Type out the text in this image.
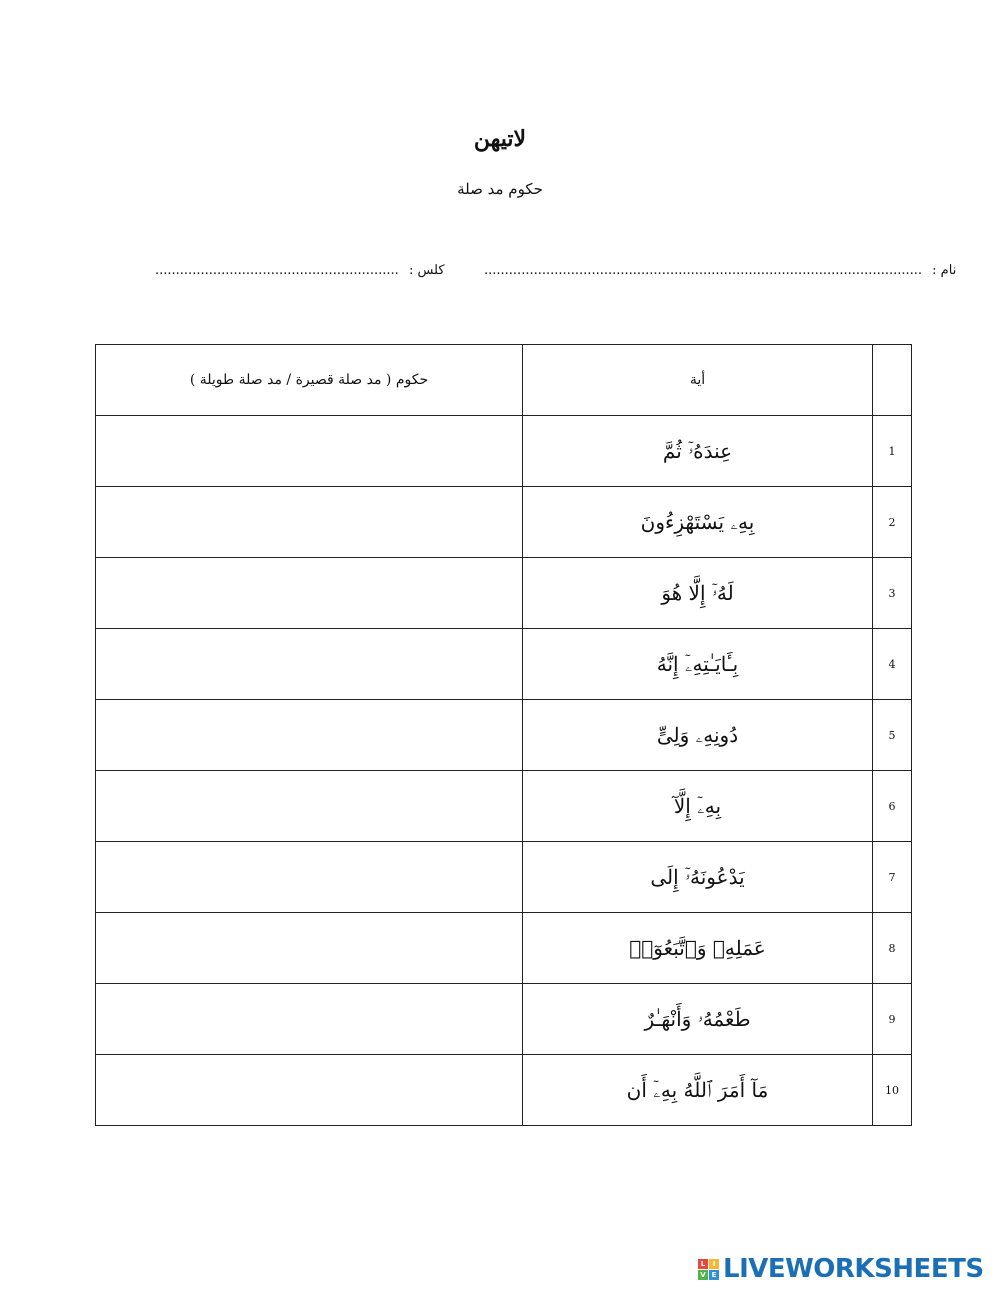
لاتيهن
حكوم مد صلة
.......................................................................................................... نام :
........................................................... كلس :
حكوم ( مد صلة قصيرة / مد صلة طويلة )	أية	
	عِندَهُۥٓ ثُمَّ	1
	بِهِۦ يَسْتَهْزِءُونَ	2
	لَهُۥٓ إِلَّا هُوَ	3
	بِـَٔايَـٰتِهِۦٓ إِنَّهُ	4
	دُونِهِۦ وَلِىٍّ	5
	بِهِۦٓ إِلَّآ	6
	يَدْعُونَهُۥٓ إِلَى	7
	عَمَلِهِۦ وَٱتَّبَعُوٓا۟	8
	طَعْمُهُۥ وَأَنْهَـٰرٌ	9
	مَآ أَمَرَ ٱللَّهُ بِهِۦٓ أَن	10
L	I
V E LIVEWORKSHEETS
